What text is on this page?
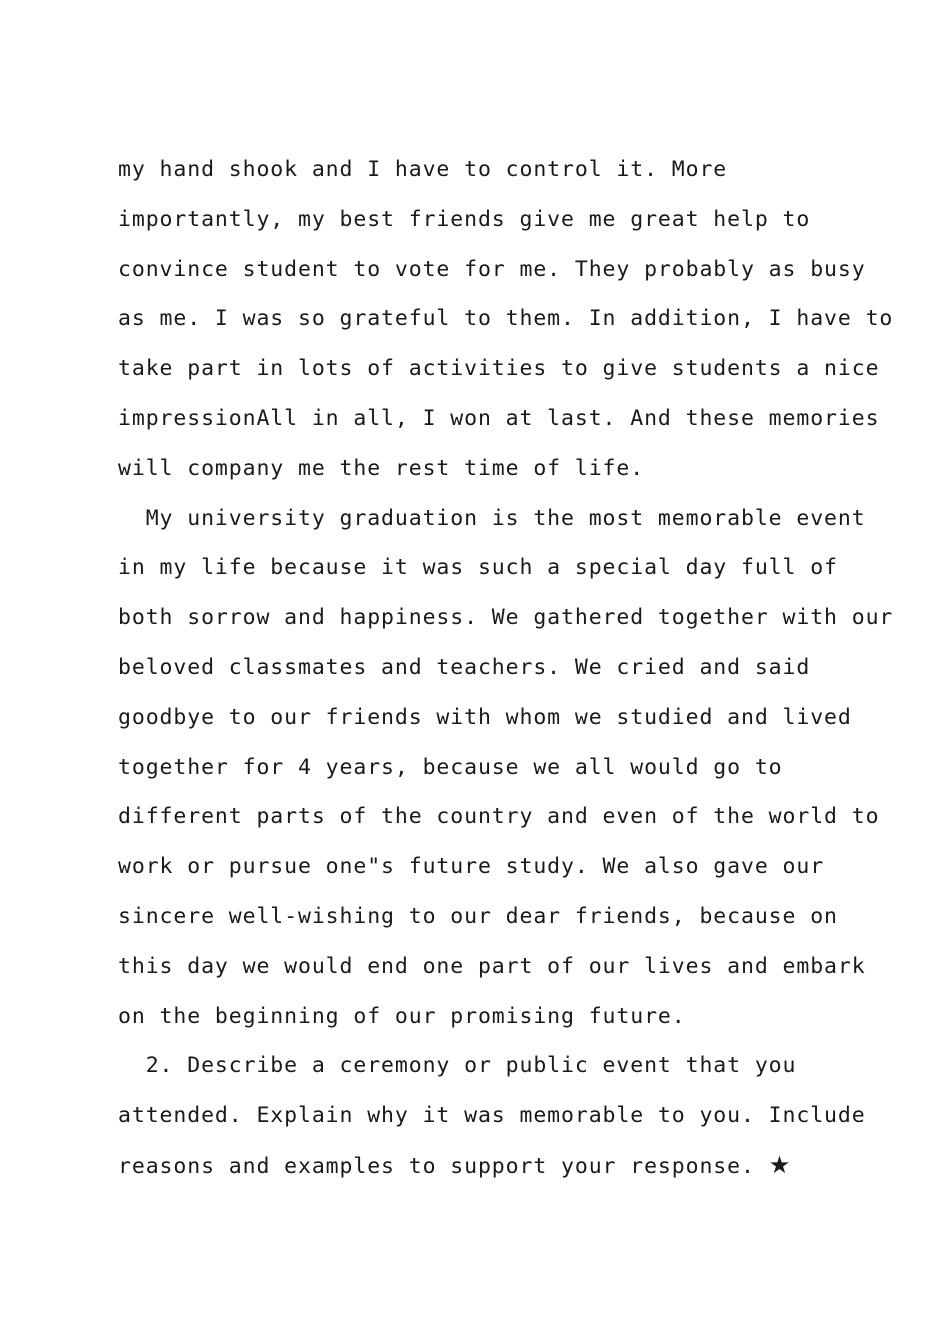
my hand shook and I have to control it. More
importantly, my best friends give me great help to
convince student to vote for me. They probably as busy
as me. I was so grateful to them. In addition, I have to
take part in lots of activities to give students a nice
impressionAll in all, I won at last. And these memories
will company me the rest time of life.
My university graduation is the most memorable event
in my life because it was such a special day full of
both sorrow and happiness. We gathered together with our
beloved classmates and teachers. We cried and said
goodbye to our friends with whom we studied and lived
together for 4 years, because we all would go to
different parts of the country and even of the world to
work or pursue one"s future study. We also gave our
sincere well-wishing to our dear friends, because on
this day we would end one part of our lives and embark
on the beginning of our promising future.
2. Describe a ceremony or public event that you
attended. Explain why it was memorable to you. Include
reasons and examples to support your response. ★
